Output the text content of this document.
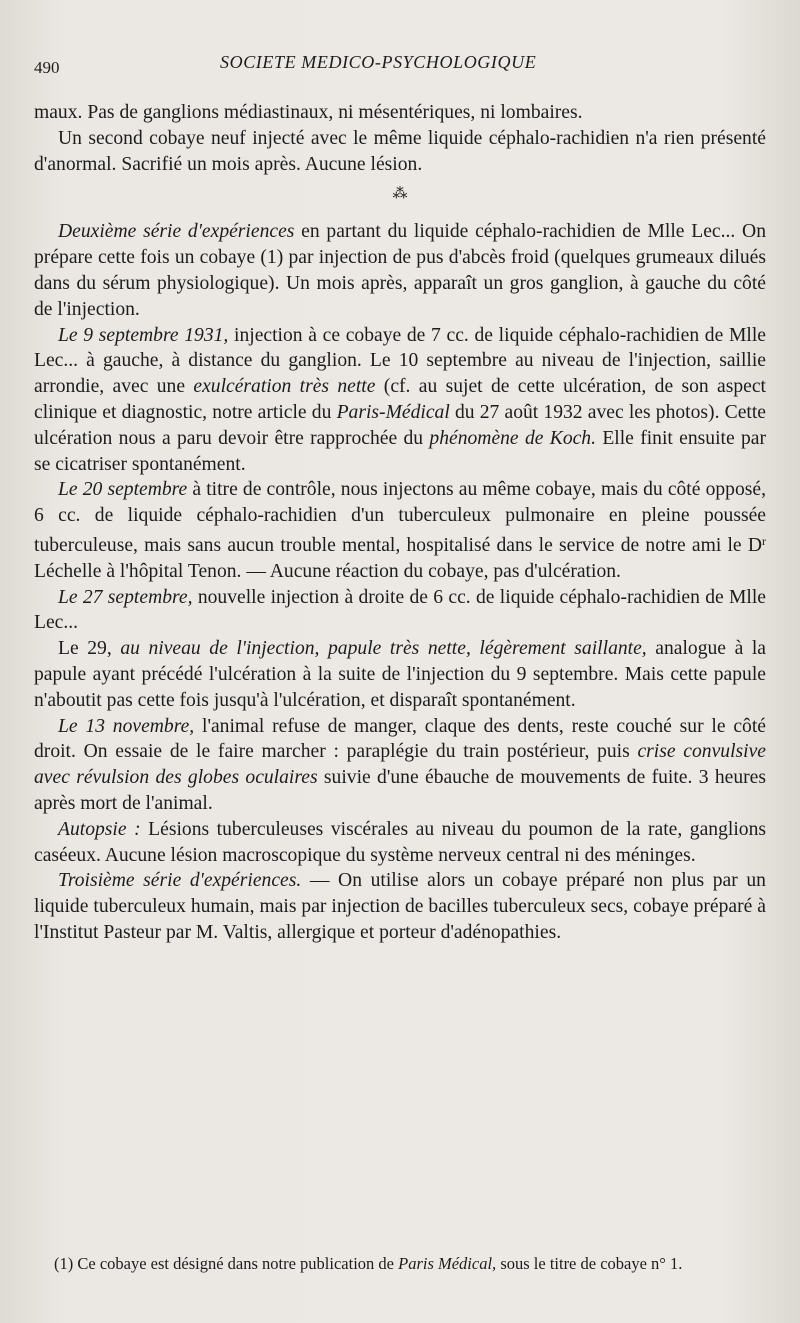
490	SOCIETE MEDICO-PSYCHOLOGIQUE

maux. Pas de ganglions médiastinaux, ni mésentériques, ni lombaires.

Un second cobaye neuf injecté avec le même liquide céphalo-rachidien n'a rien présenté d'anormal. Sacrifié un mois après. Aucune lésion.

⁂

Deuxième série d'expériences en partant du liquide céphalo-rachidien de Mlle Lec... On prépare cette fois un cobaye (1) par injection de pus d'abcès froid (quelques grumeaux dilués dans du sérum physiologique). Un mois après, apparaît un gros ganglion, à gauche du côté de l'injection.

Le 9 septembre 1931, injection à ce cobaye de 7 cc. de liquide céphalo-rachidien de Mlle Lec... à gauche, à distance du ganglion. Le 10 septembre au niveau de l'injection, saillie arrondie, avec une exulcération très nette (cf. au sujet de cette ulcération, de son aspect clinique et diagnostic, notre article du Paris-Médical du 27 août 1932 avec les photos). Cette ulcération nous a paru devoir être rapprochée du phénomène de Koch. Elle finit ensuite par se cicatriser spontanément.

Le 20 septembre à titre de contrôle, nous injectons au même cobaye, mais du côté opposé, 6 cc. de liquide céphalo-rachidien d'un tuberculeux pulmonaire en pleine poussée tuberculeuse, mais sans aucun trouble mental, hospitalisé dans le service de notre ami le $D^r$ Léchelle à l'hôpital Tenon. — Aucune réaction du cobaye, pas d'ulcération.

Le 27 septembre, nouvelle injection à droite de 6 cc. de liquide céphalo-rachidien de Mlle Lec...

Le 29, au niveau de l'injection, papule très nette, légèrement saillante, analogue à la papule ayant précédé l'ulcération à la suite de l'injection du 9 septembre. Mais cette papule n'aboutit pas cette fois jusqu'à l'ulcération, et disparaît spontanément.

Le 13 novembre, l'animal refuse de manger, claque des dents, reste couché sur le côté droit. On essaie de le faire marcher : paraplégie du train postérieur, puis crise convulsive avec révulsion des globes oculaires suivie d'une ébauche de mouvements de fuite. 3 heures après mort de l'animal.

Autopsie : Lésions tuberculeuses viscérales au niveau du poumon de la rate, ganglions caséeux. Aucune lésion macroscopique du système nerveux central ni des méninges.

Troisième série d'expériences. — On utilise alors un cobaye préparé non plus par un liquide tuberculeux humain, mais par injection de bacilles tuberculeux secs, cobaye préparé à l'Institut Pasteur par M. Valtis, allergique et porteur d'adénopathies.

(1) Ce cobaye est désigné dans notre publication de Paris Médical, sous le titre de cobaye n° 1.
